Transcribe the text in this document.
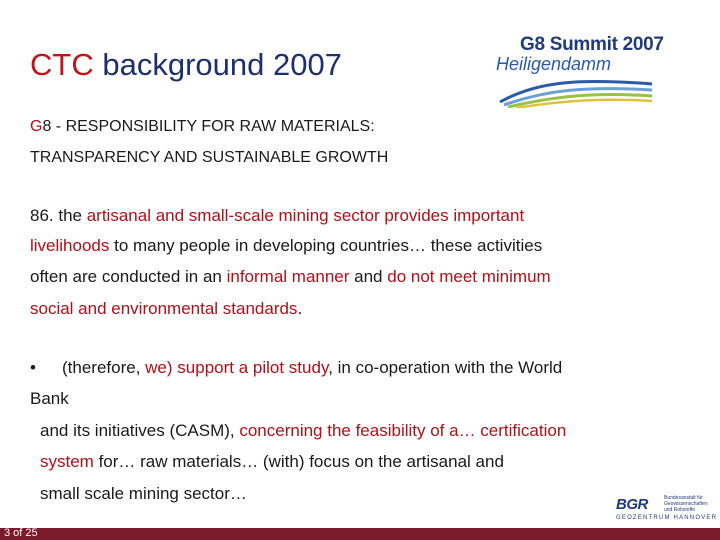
CTC background 2007
G8 Summit 2007
Heiligendamm
G8 - RESPONSIBILITY FOR RAW MATERIALS:
TRANSPARENCY AND SUSTAINABLE GROWTH
86. the artisanal and small-scale mining sector provides important
livelihoods to many people in developing countries… these activities
often are conducted in an informal manner and do not meet minimum
social and environmental standards.
• (therefore, we) support a pilot study, in co-operation with the World
Bank
and its initiatives (CASM), concerning the feasibility of a… certification
system for… raw materials… (with) focus on the artisanal and
small scale mining sector…
BGR	Bundesanstalt für
Geowissenschaften
und Rohstoffe
GEOZENTRUM HANNOVER
3 of 25
